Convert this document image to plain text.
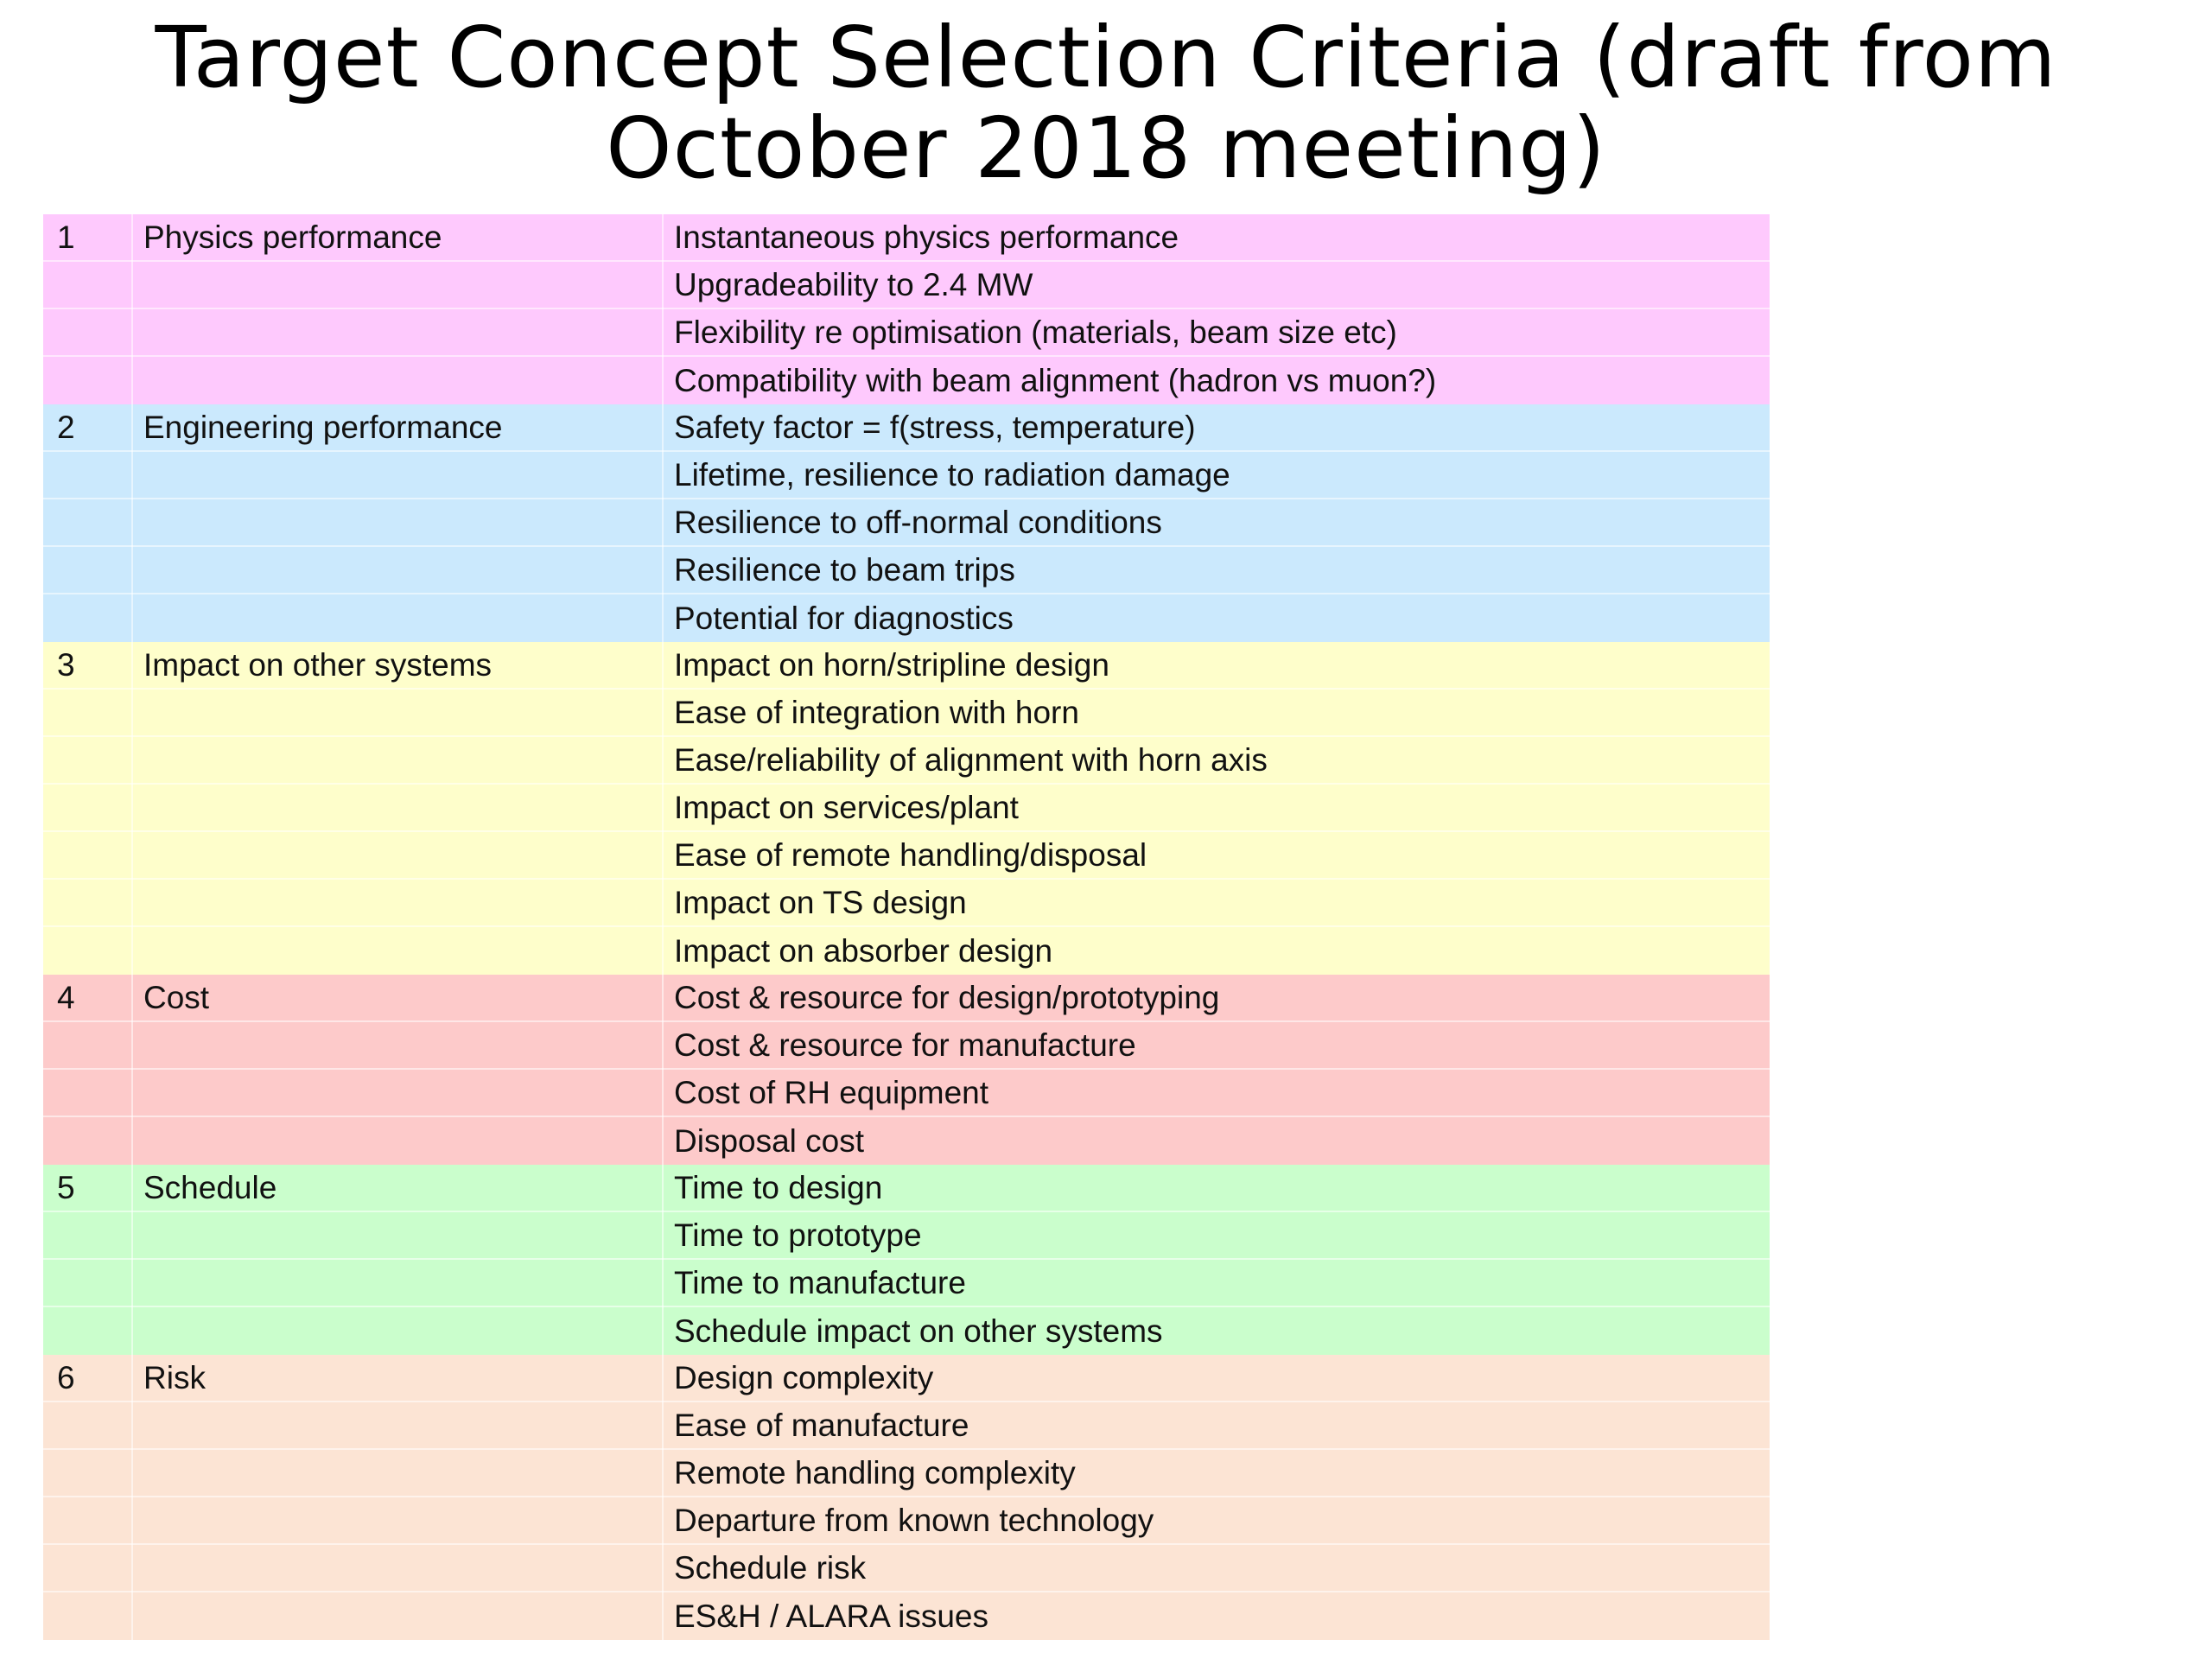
Target Concept Selection Criteria (draft from
October 2018 meeting)
1 Physics performance	Instantaneous physics performance
Upgradeability to 2.4 MW
Flexibility re optimisation (materials, beam size etc)
Compatibility with beam alignment (hadron vs muon?)
2 Engineering performance	Safety factor = f(stress, temperature)
Lifetime, resilience to radiation damage
Resilience to off-normal conditions
Resilience to beam trips
Potential for diagnostics
3 Impact on other systems	Impact on horn/stripline design
Ease of integration with horn
Ease/reliability of alignment with horn axis
Impact on services/plant
Ease of remote handling/disposal
Impact on TS design
Impact on absorber design
4 Cost	Cost & resource for design/prototyping
Cost & resource for manufacture
Cost of RH equipment
Disposal cost
5 Schedule	Time to design
Time to prototype
Time to manufacture
Schedule impact on other systems
6 Risk	Design complexity
Ease of manufacture
Remote handling complexity
Departure from known technology
Schedule risk
ES&H / ALARA issues
